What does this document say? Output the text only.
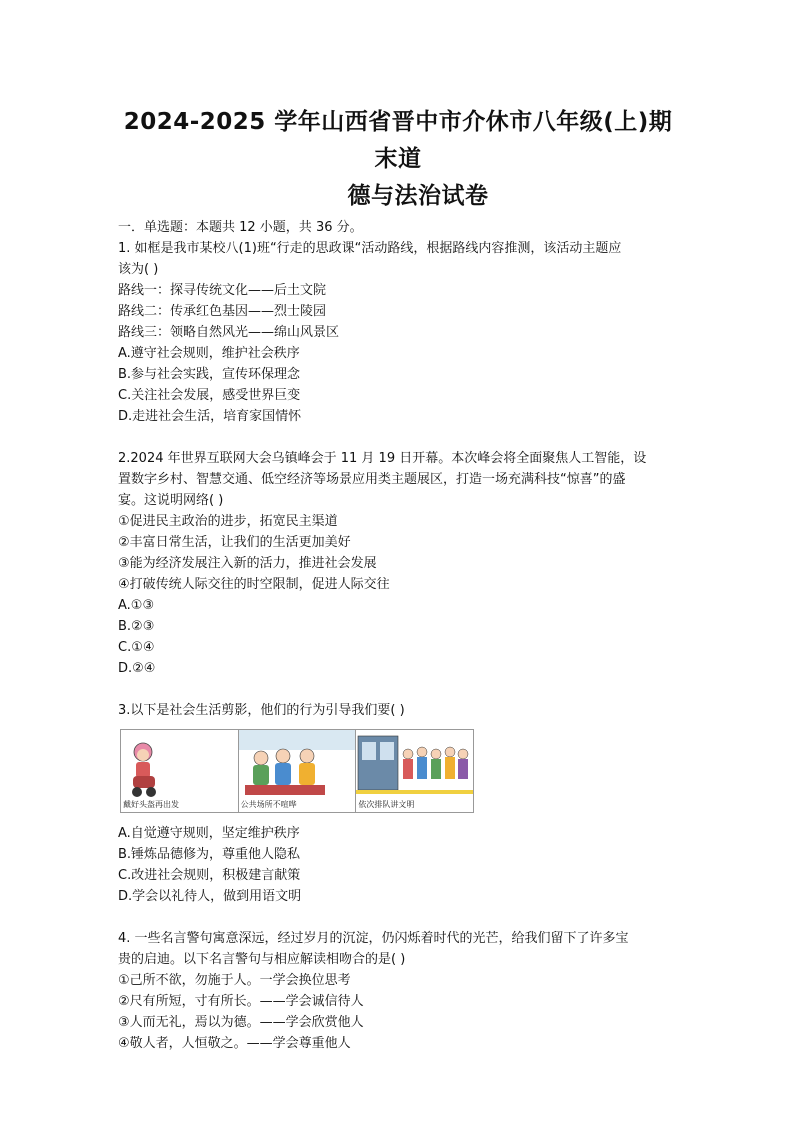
2024-2025 学年山西省晋中市介休市八年级(上)期末道
德与法治试卷
一．单选题：本题共 12 小题，共 36 分。
1. 如框是我市某校八(1)班“行走的思政课“活动路线，根据路线内容推测，该活动主题应
该为( )
路线一：探寻传统文化——后土文院
路线二：传承红色基因——烈士陵园
路线三：领略自然风光——绵山风景区
A.遵守社会规则，维护社会秩序
B.参与社会实践，宣传环保理念
C.关注社会发展，感受世界巨变
D.走进社会生活，培育家国情怀
2.2024 年世界互联网大会乌镇峰会于 11 月 19 日开幕。本次峰会将全面聚焦人工智能，设
置数字乡村、智慧交通、低空经济等场景应用类主题展区，打造一场充满科技“惊喜”的盛
宴。这说明网络( )
①促进民主政治的进步，拓宽民主渠道
②丰富日常生活，让我们的生活更加美好
③能为经济发展注入新的活力，推进社会发展
④打破传统人际交往的时空限制，促进人际交往
A.①③
B.②③
C.①④
D.②④
3.以下是社会生活剪影，他们的行为引导我们要( )
戴好头盔再出发	公共场所不喧哗	依次排队讲文明
A.自觉遵守规则，坚定维护秩序
B.锤炼品德修为，尊重他人隐私
C.改进社会规则，积极建言献策
D.学会以礼待人，做到用语文明
4. 一些名言警句寓意深远，经过岁月的沉淀，仍闪烁着时代的光芒，给我们留下了许多宝
贵的启迪。以下名言警句与相应解读相吻合的是( )
①己所不欲，勿施于人。一学会换位思考
②尺有所短，寸有所长。——学会诚信待人
③人而无礼，焉以为德。——学会欣赏他人
④敬人者，人恒敬之。——学会尊重他人
